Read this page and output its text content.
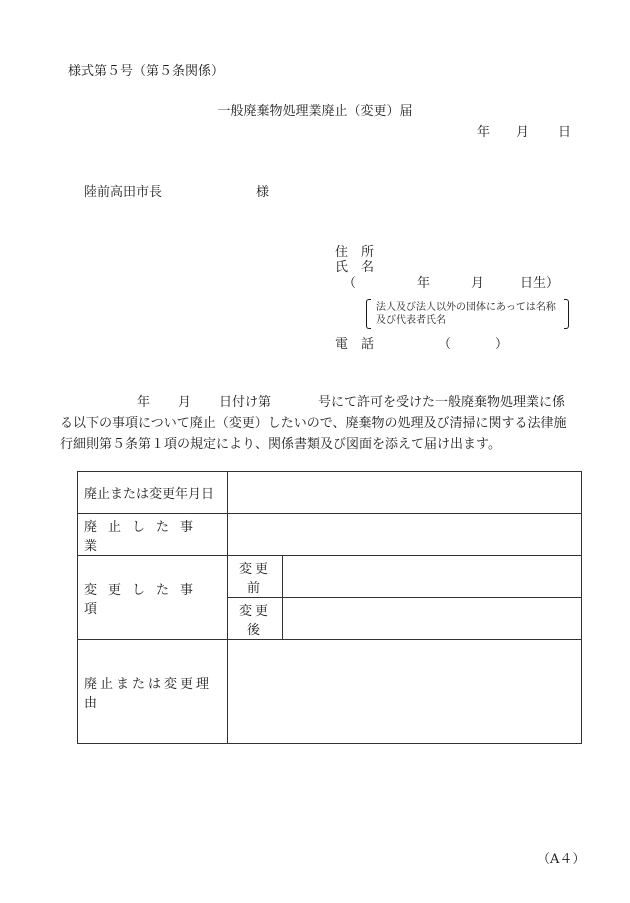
様式第５号（第５条関係）
一般廃棄物処理業廃止（変更）届
年 月 日
陸前高田市長	様
住　所
氏　名
（	年	月	日生）
法人及び法人以外の団体にあっては名称
及び代表者氏名
電　話	（	）
年 月 日付け第	号にて許可を受けた一般廃棄物処理業に係
る以下の事項について廃止（変更）したいので、廃棄物の処理及び清掃に関する法律施
行細則第５条第１項の規定により、関係書類及び図面を添えて届け出ます。
廃止または変更年月日		
廃止した事業		
変更した事項	変更前	
	変更後	
廃止または変更理由		
（A４）
